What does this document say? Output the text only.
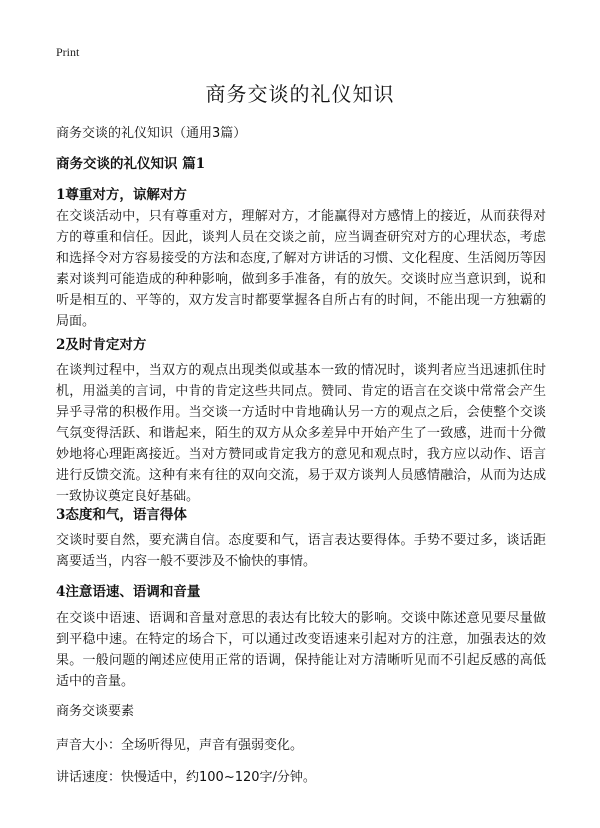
Print
商务交谈的礼仪知识
商务交谈的礼仪知识（通用3篇）
商务交谈的礼仪知识 篇1
1尊重对方，谅解对方

在交谈活动中，只有尊重对方，理解对方，才能赢得对方感情上的接近，从而获得对方的尊重和信任。因此，谈判人员在交谈之前，应当调查研究对方的心理状态，考虑和选择令对方容易接受的方法和态度,了解对方讲话的习惯、文化程度、生活阅历等因素对谈判可能造成的种种影响，做到多手准备，有的放矢。交谈时应当意识到，说和听是相互的、平等的，双方发言时都要掌握各自所占有的时间，不能出现一方独霸的局面。

2及时肯定对方

在谈判过程中，当双方的观点出现类似或基本一致的情况时，谈判者应当迅速抓住时机，用溢美的言词，中肯的肯定这些共同点。赞同、肯定的语言在交谈中常常会产生异乎寻常的积极作用。当交谈一方适时中肯地确认另一方的观点之后，会使整个交谈气氛变得活跃、和谐起来，陌生的双方从众多差异中开始产生了一致感，进而十分微妙地将心理距离接近。当对方赞同或肯定我方的意见和观点时，我方应以动作、语言进行反馈交流。这种有来有往的双向交流，易于双方谈判人员感情融洽，从而为达成一致协议奠定良好基础。

3态度和气，语言得体

交谈时要自然，要充满自信。态度要和气，语言表达要得体。手势不要过多，谈话距离要适当，内容一般不要涉及不愉快的事情。

4注意语速、语调和音量

在交谈中语速、语调和音量对意思的表达有比较大的影响。交谈中陈述意见要尽量做到平稳中速。在特定的场合下，可以通过改变语速来引起对方的注意，加强表达的效果。一般问题的阐述应使用正常的语调，保持能让对方清晰听见而不引起反感的高低适中的音量。

商务交谈要素
声音大小：全场听得见，声音有强弱变化。
讲话速度：快慢适中，约100~120字/分钟。
